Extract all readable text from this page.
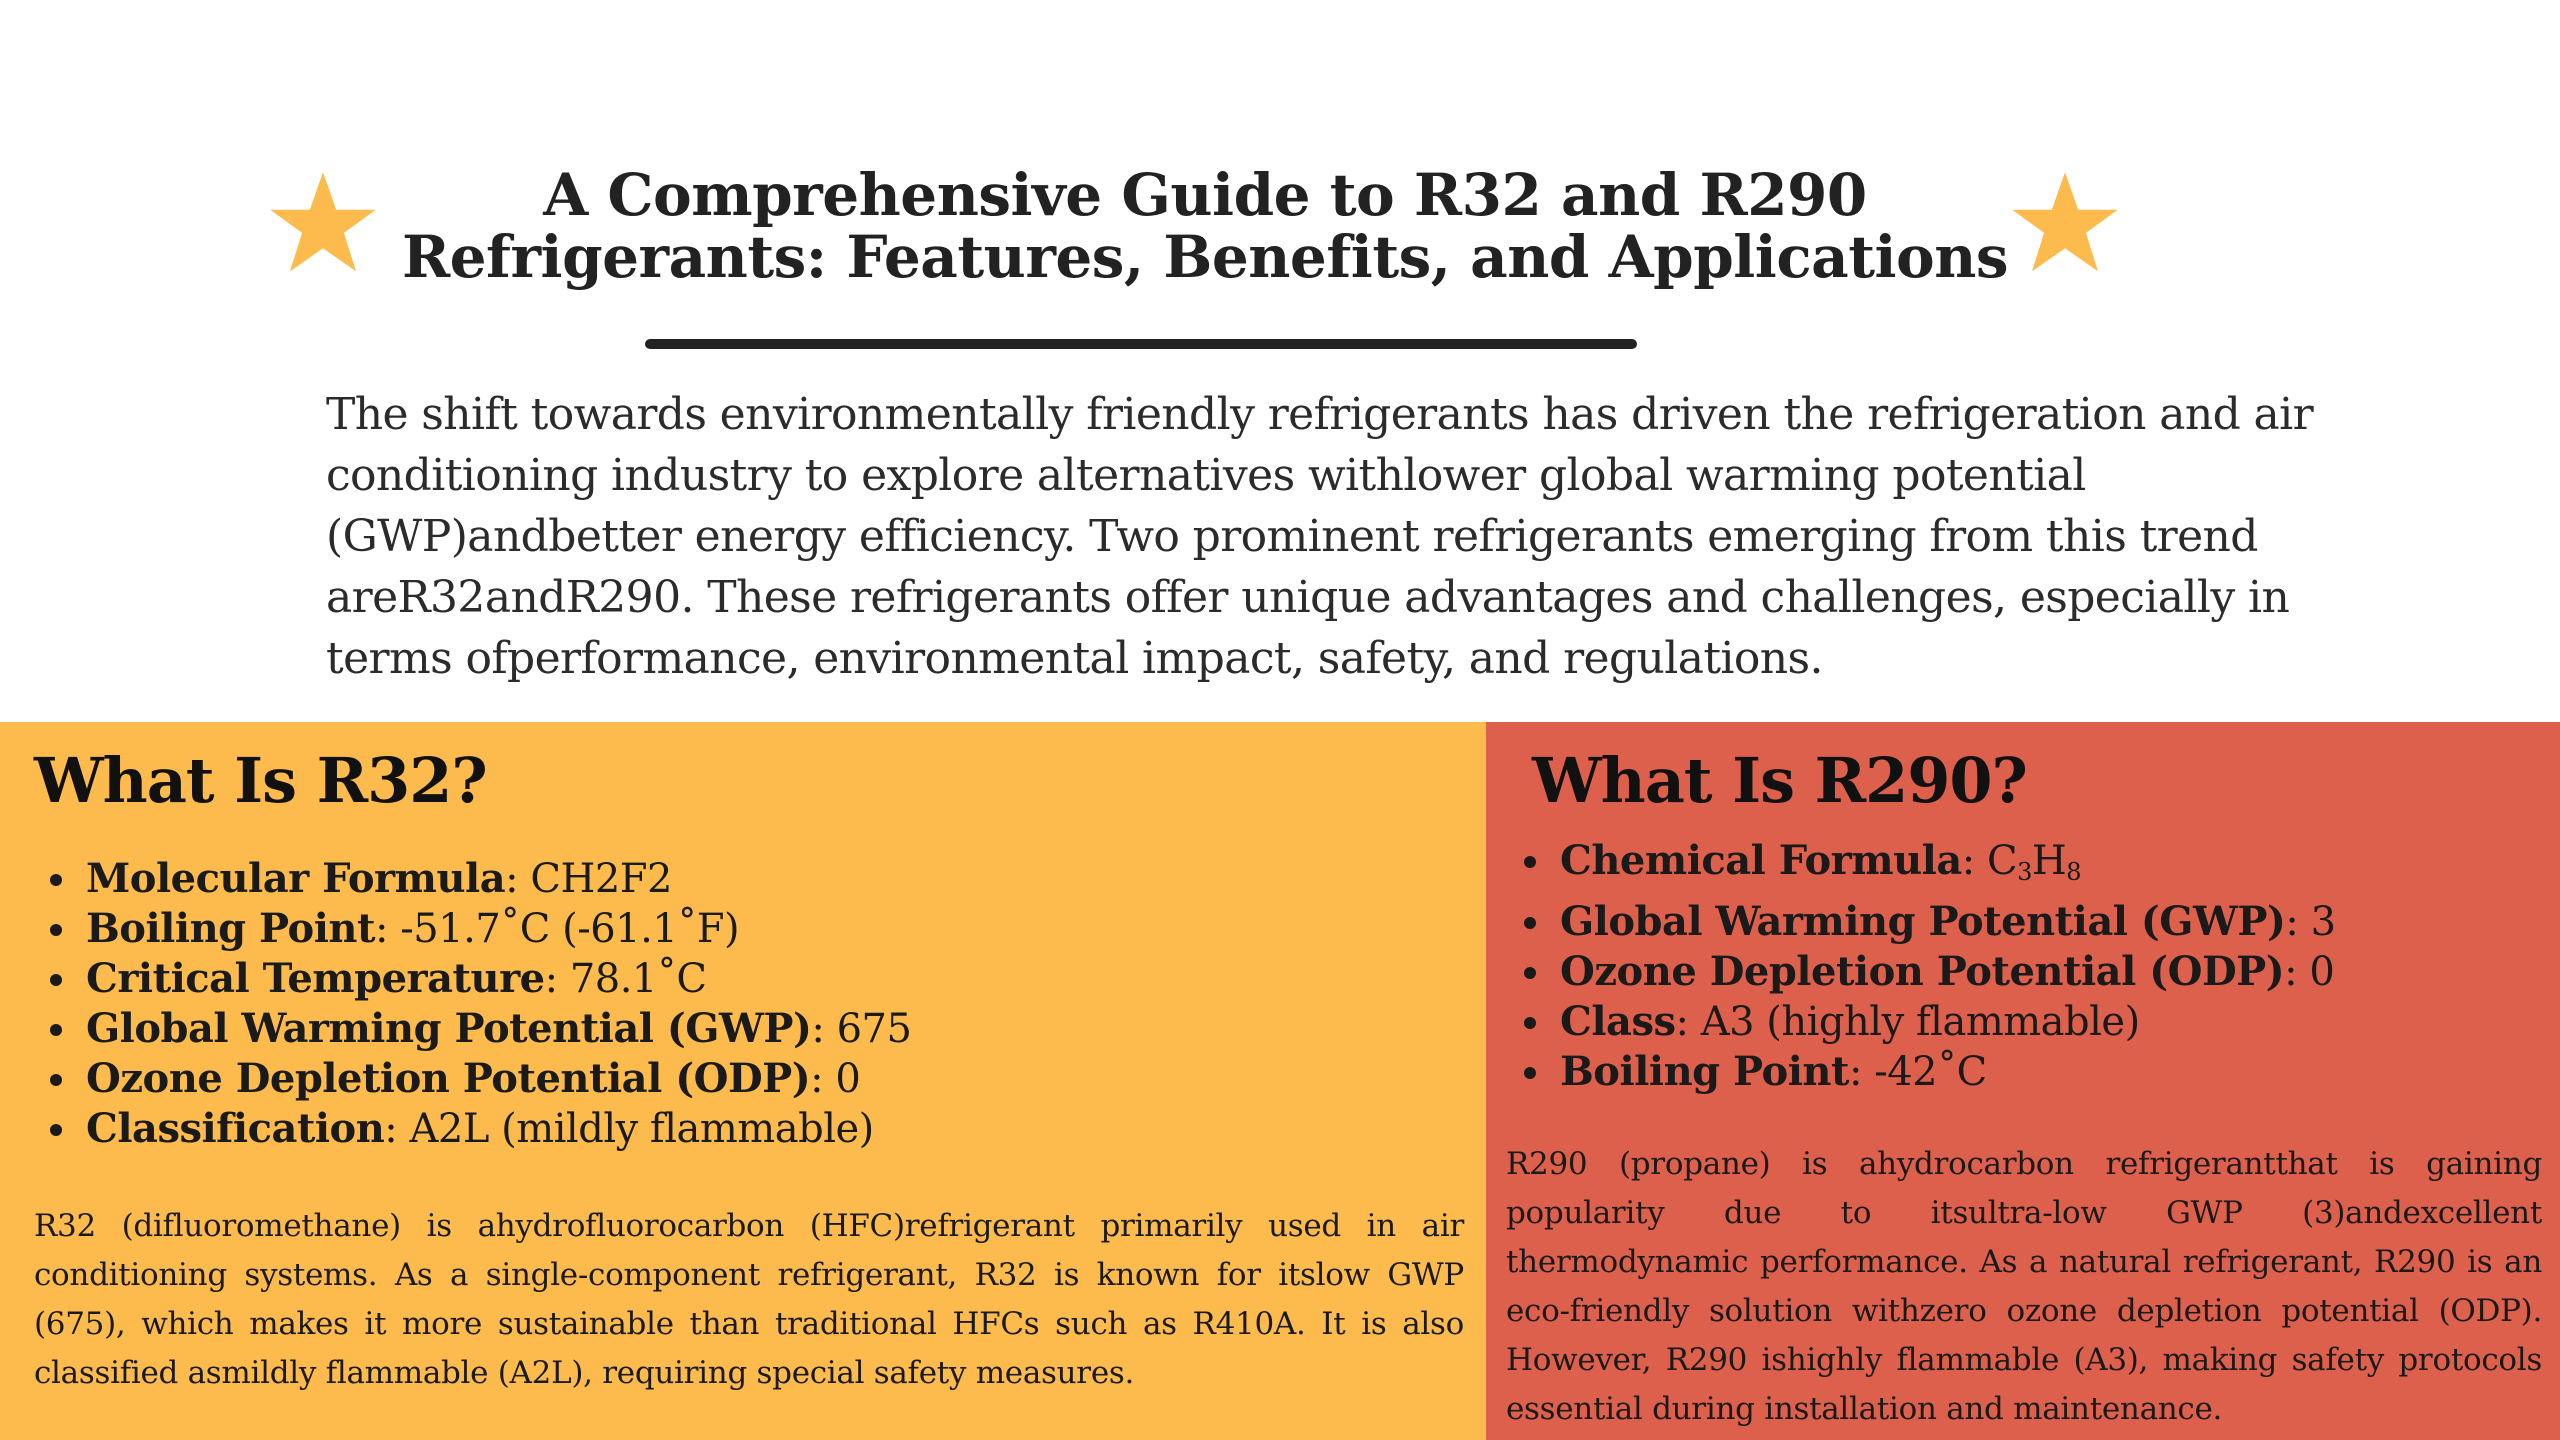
A Comprehensive Guide to R32 and R290
Refrigerants: Features, Benefits, and Applications

The shift towards environmentally friendly refrigerants has driven the refrigeration and air conditioning industry to explore alternatives withlower global warming potential (GWP)andbetter energy efficiency. Two prominent refrigerants emerging from this trend areR32andR290. These refrigerants offer unique advantages and challenges, especially in terms ofperformance, environmental impact, safety, and regulations.

What Is R32?
Molecular Formula: CH2F2
Boiling Point: -51.7˚C (-61.1˚F)
Critical Temperature: 78.1˚C
Global Warming Potential (GWP): 675
Ozone Depletion Potential (ODP): 0
Classification: A2L (mildly flammable)

R32 (difluoromethane) is ahydrofluorocarbon (HFC)refrigerant primarily used in air conditioning systems. As a single-component refrigerant, R32 is known for itslow GWP (675), which makes it more sustainable than traditional HFCs such as R410A. It is also classified asmildly flammable (A2L), requiring special safety measures.

What Is R290?
Chemical Formula: $C_3H_8$
Global Warming Potential (GWP): 3
Ozone Depletion Potential (ODP): 0
Class: A3 (highly flammable)
Boiling Point: -42˚C

R290 (propane) is ahydrocarbon refrigerantthat is gaining popularity due to itsultra-low GWP (3)andexcellent thermodynamic performance. As a natural refrigerant, R290 is an eco-friendly solution withzero ozone depletion potential (ODP). However, R290 ishighly flammable (A3), making safety protocols essential during installation and maintenance.
